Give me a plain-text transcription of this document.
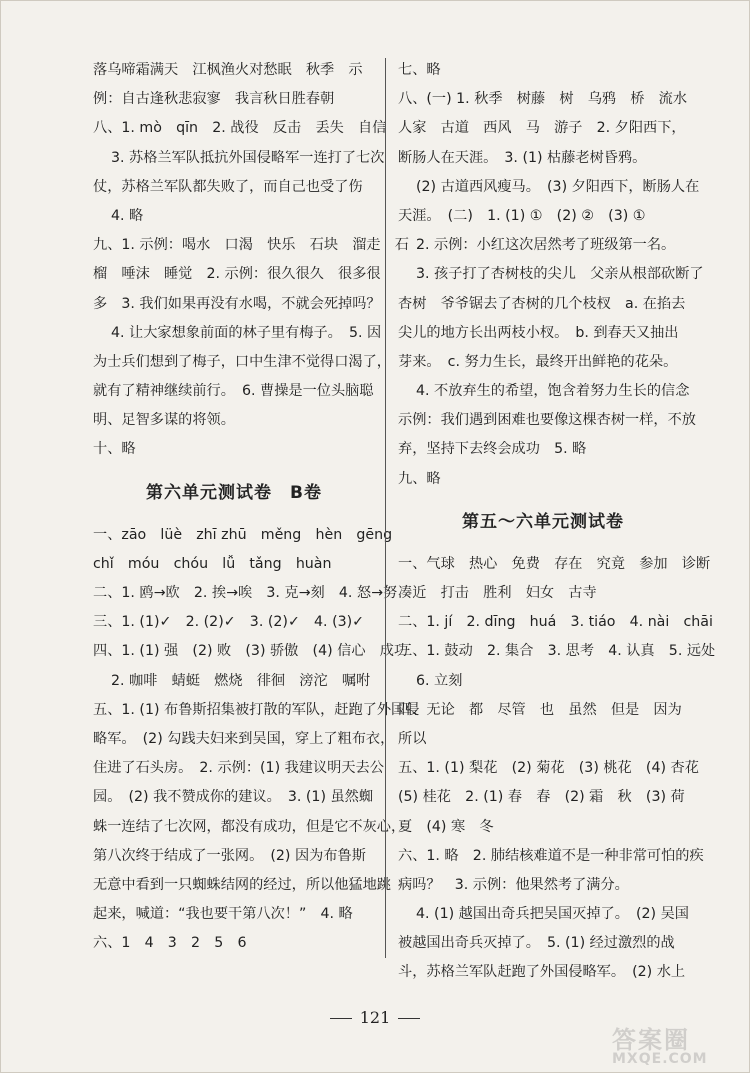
落乌啼霜满天　江枫渔火对愁眠　秋季　示
例：自古逢秋悲寂寥　我言秋日胜春朝
八、1. mò　qīn　2. 战役　反击　丢失　自信
3. 苏格兰军队抵抗外国侵略军一连打了七次
仗，苏格兰军队都失败了，而自己也受了伤
4. 略
九、1. 示例：喝水　口渴　快乐　石块　溜走　石
榴　唾沫　睡觉　2. 示例：很久很久　很多很
多　3. 我们如果再没有水喝，不就会死掉吗？
4. 让大家想象前面的林子里有梅子。　5. 因
为士兵们想到了梅子，口中生津不觉得口渴了，
就有了精神继续前行。　6. 曹操是一位头脑聪
明、足智多谋的将领。
十、略
第六单元测试卷　B卷
一、zāo　lüè　zhī zhū　měng　hèn　gēng
chǐ　móu　chóu　lǚ　tǎng　huàn
二、1. 鸥→欧　2. 挨→唉　3. 克→刻　4. 怒→努
三、1. (1)✓　2. (2)✓　3. (2)✓　4. (3)✓
四、1. (1) 强　(2) 败　(3) 骄傲　(4) 信心　成功
2. 咖啡　蜻蜓　燃烧　徘徊　滂沱　嘱咐
五、1. (1) 布鲁斯招集被打散的军队，赶跑了外国侵
略军。　(2) 勾践夫妇来到吴国，穿上了粗布衣，
住进了石头房。　2. 示例：(1) 我建议明天去公
园。　(2) 我不赞成你的建议。　3. (1) 虽然蜘
蛛一连结了七次网，都没有成功，但是它不灰心，
第八次终于结成了一张网。　(2) 因为布鲁斯
无意中看到一只蜘蛛结网的经过，所以他猛地跳
起来，喊道：“我也要干第八次！”　4. 略
六、1　4　3　2　5　6
七、略
八、(一) 1. 秋季　树藤　树　乌鸦　桥　流水
人家　古道　西风　马　游子　2. 夕阳西下，
断肠人在天涯。　3. (1) 枯藤老树昏鸦。
(2) 古道西风瘦马。　(3) 夕阳西下，断肠人在
天涯。　(二)　1. (1) ①　(2) ②　(3) ①
2. 示例：小红这次居然考了班级第一名。
3. 孩子打了杏树枝的尖儿　父亲从根部砍断了
杏树　爷爷锯去了杏树的几个枝杈　a. 在掐去
尖儿的地方长出两枝小杈。　b. 到春天又抽出
芽来。　c. 努力生长，最终开出鲜艳的花朵。
4. 不放弃生的希望，饱含着努力生长的信念
示例：我们遇到困难也要像这棵杏树一样，不放
弃，坚持下去终会成功　5. 略
九、略
第五～六单元测试卷
一、气球　热心　免费　存在　究竟　参加　诊断
凑近　打击　胜利　妇女　古寺
二、1. jí　2. dīng　huá　3. tiáo　4. nài　chāi
三、1. 鼓动　2. 集合　3. 思考　4. 认真　5. 远处
6. 立刻
四、无论　都　尽管　也　虽然　但是　因为
所以
五、1. (1) 梨花　(2) 菊花　(3) 桃花　(4) 杏花
(5) 桂花　2. (1) 春　春　(2) 霜　秋　(3) 荷
夏　(4) 寒　冬
六、1. 略　2. 肺结核难道不是一种非常可怕的疾
病吗？　3. 示例：他果然考了满分。
4. (1) 越国出奇兵把吴国灭掉了。　(2) 吴国
被越国出奇兵灭掉了。　5. (1) 经过激烈的战
斗，苏格兰军队赶跑了外国侵略军。　(2) 水上
121
答案圈
MXQE.COM
